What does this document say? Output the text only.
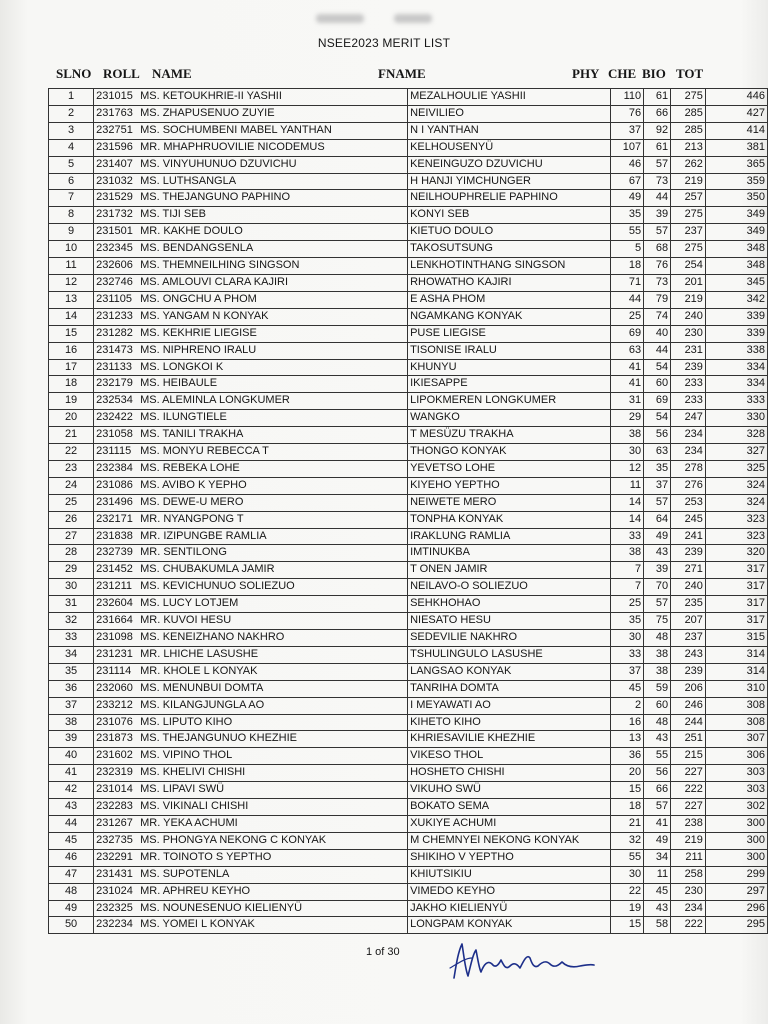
NSEE2023 MERIT LIST
SLNO ROLL NAME	FNAME	PHY CHE BIO TOT
1	231015	MS. KETOUKHRIE-II YASHII	MEZALHOULIE YASHII	110	61	275	446
2	231763	MS. ZHAPUSENUO ZUYIE	NEIVILIEO	76	66	285	427
3	232751	MS. SOCHUMBENI MABEL YANTHAN	N I YANTHAN	37	92	285	414
4	231596	MR. MHAPHRUOVILIE NICODEMUS	KELHOUSENYÜ	107	61	213	381
5	231407	MS. VINYUHUNUO DZUVICHU	KENEINGUZO DZUVICHU	46	57	262	365
6	231032	MS. LUTHSANGLA	H HANJI YIMCHUNGER	67	73	219	359
7	231529	MS. THEJANGUNO PAPHINO	NEILHOUPHRELIE PAPHINO	49	44	257	350
8	231732	MS. TIJI SEB	KONYI SEB	35	39	275	349
9	231501	MR. KAKHE DOULO	KIETUO DOULO	55	57	237	349
10	232345	MS. BENDANGSENLA	TAKOSUTSUNG	5	68	275	348
11	232606	MS. THEMNEILHING SINGSON	LENKHOTINTHANG SINGSON	18	76	254	348
12	232746	MS. AMLOUVI CLARA KAJIRI	RHOWATHO KAJIRI	71	73	201	345
13	231105	MS. ONGCHU A PHOM	E ASHA PHOM	44	79	219	342
14	231233	MS. YANGAM N KONYAK	NGAMKANG KONYAK	25	74	240	339
15	231282	MS. KEKHRIE LIEGISE	PUSE LIEGISE	69	40	230	339
16	231473	MS. NIPHRENO IRALU	TISONISE IRALU	63	44	231	338
17	231133	MS. LONGKOI K	KHUNYU	41	54	239	334
18	232179	MS. HEIBAULE	IKIESAPPE	41	60	233	334
19	232534	MS. ALEMINLA LONGKUMER	LIPOKMEREN LONGKUMER	31	69	233	333
20	232422	MS. ILUNGTIELE	WANGKO	29	54	247	330
21	231058	MS. TANILI TRAKHA	T MESÜZU TRAKHA	38	56	234	328
22	231115	MS. MONYU REBECCA T	THONGO KONYAK	30	63	234	327
23	232384	MS. REBEKA LOHE	YEVETSO LOHE	12	35	278	325
24	231086	MS. AVIBO K YEPHO	KIYEHO YEPTHO	11	37	276	324
25	231496	MS. DEWE-U MERO	NEIWETE MERO	14	57	253	324
26	232171	MR. NYANGPONG T	TONPHA KONYAK	14	64	245	323
27	231838	MR. IZIPUNGBE RAMLIA	IRAKLUNG RAMLIA	33	49	241	323
28	232739	MR. SENTILONG	IMTINUKBA	38	43	239	320
29	231452	MS. CHUBAKUMLA JAMIR	T ONEN JAMIR	7	39	271	317
30	231211	MS. KEVICHUNUO SOLIEZUO	NEILAVO-O SOLIEZUO	7	70	240	317
31	232604	MS. LUCY LOTJEM	SEHKHOHAO	25	57	235	317
32	231664	MR. KUVOI HESU	NIESATO HESU	35	75	207	317
33	231098	MS. KENEIZHANO NAKHRO	SEDEVILIE NAKHRO	30	48	237	315
34	231231	MR. LHICHE LASUSHE	TSHULINGULO LASUSHE	33	38	243	314
35	231114	MR. KHOLE L KONYAK	LANGSAO KONYAK	37	38	239	314
36	232060	MS. MENUNBUI DOMTA	TANRIHA DOMTA	45	59	206	310
37	233212	MS. KILANGJUNGLA AO	I MEYAWATI AO	2	60	246	308
38	231076	MS. LIPUTO KIHO	KIHETO KIHO	16	48	244	308
39	231873	MS. THEJANGUNUO KHEZHIE	KHRIESAVILIE KHEZHIE	13	43	251	307
40	231602	MS. VIPINO THOL	VIKESO THOL	36	55	215	306
41	232319	MS. KHELIVI CHISHI	HOSHETO CHISHI	20	56	227	303
42	231014	MS. LIPAVI SWÜ	VIKUHO SWÜ	15	66	222	303
43	232283	MS. VIKINALI CHISHI	BOKATO SEMA	18	57	227	302
44	231267	MR. YEKA ACHUMI	XUKIYE ACHUMI	21	41	238	300
45	232735	MS. PHONGYA NEKONG C KONYAK	M CHEMNYEI NEKONG KONYAK	32	49	219	300
46	232291	MR. TOINOTO S YEPTHO	SHIKIHO V YEPTHO	55	34	211	300
47	231431	MS. SUPOTENLA	KHIUTSIKIU	30	11	258	299
48	231024	MR. APHREU KEYHO	VIMEDO KEYHO	22	45	230	297
49	232325	MS. NOUNESENUO KIELIENYÜ	JAKHO KIELIENYÜ	19	43	234	296
50	232234	MS. YOMEI L KONYAK	LONGPAM KONYAK	15	58	222	295
1 of 30
